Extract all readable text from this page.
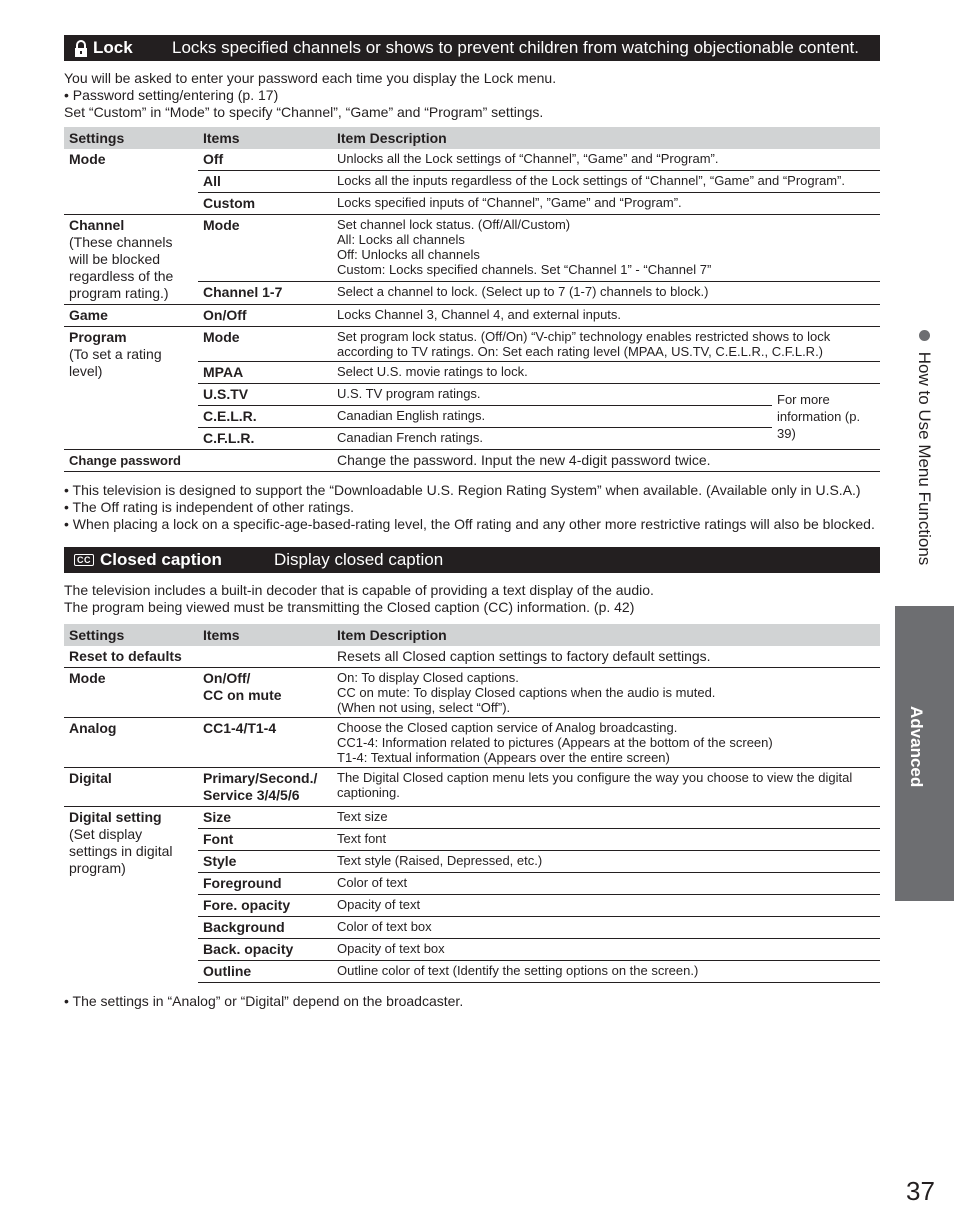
Lock Locks specified channels or shows to prevent children from watching objectionable content.

You will be asked to enter your password each time you display the Lock menu.

• Password setting/entering (p. 17)

Set “Custom” in “Mode” to specify “Channel”, “Game” and “Program” settings.

Settings	Items	Item Description	
Mode	Off	Unlocks all the Lock settings of “Channel”, “Game” and “Program”.	
	All	Locks all the inputs regardless of the Lock settings of “Channel”, “Game” and “Program”.	
	Custom	Locks specified inputs of “Channel”, ”Game” and “Program”.	
Channel
(These channels will be blocked regardless of the program rating.)	Mode	Set channel lock status. (Off/All/Custom)
All: Locks all channels
Off: Unlocks all channels
Custom: Locks specified channels. Set “Channel 1” - “Channel 7”	
	Channel 1-7	Select a channel to lock. (Select up to 7 (1-7) channels to block.)	
Game	On/Off	Locks Channel 3, Channel 4, and external inputs.	
Program
(To set a rating level)	Mode	Set program lock status. (Off/On) “V-chip” technology enables restricted shows to lock according to TV ratings. On: Set each rating level (MPAA, US.TV, C.E.L.R., C.F.L.R.)	
	MPAA	Select U.S. movie ratings to lock.	
	U.S.TV	U.S. TV program ratings.	For more information (p. 39)
	C.E.L.R.	Canadian English ratings.	
	C.F.L.R.	Canadian French ratings.	
Change password		Change the password. Input the new 4-digit password twice.	
• This television is designed to support the “Downloadable U.S. Region Rating System” when available. (Available only in U.S.A.)
• The Off rating is independent of other ratings.
• When placing a lock on a specific-age-based-rating level, the Off rating and any other more restrictive ratings will also be blocked.
CC Closed caption	Display closed caption

The television includes a built-in decoder that is capable of providing a text display of the audio.

The program being viewed must be transmitting the Closed caption (CC) information. (p. 42)

Settings	Items	Item Description
Reset to defaults		Resets all Closed caption settings to factory default settings.
Mode	On/Off/
CC on mute	On: To display Closed captions.
CC on mute: To display Closed captions when the audio is muted.
(When not using, select “Off”).
Analog	CC1-4/T1-4	Choose the Closed caption service of Analog broadcasting.
CC1-4: Information related to pictures (Appears at the bottom of the screen)
T1-4: Textual information (Appears over the entire screen)
Digital	Primary/Second./
Service 3/4/5/6	The Digital Closed caption menu lets you configure the way you choose to view the digital captioning.
Digital setting
(Set display settings in digital program)	Size	Text size
	Font	Text font
	Style	Text style (Raised, Depressed, etc.)
	Foreground	Color of text
	Fore. opacity	Opacity of text
	Background	Color of text box
	Back. opacity	Opacity of text box
	Outline	Outline color of text (Identify the setting options on the screen.)
• The settings in “Analog” or “Digital” depend on the broadcaster.
How to Use Menu Functions
Advanced
37
